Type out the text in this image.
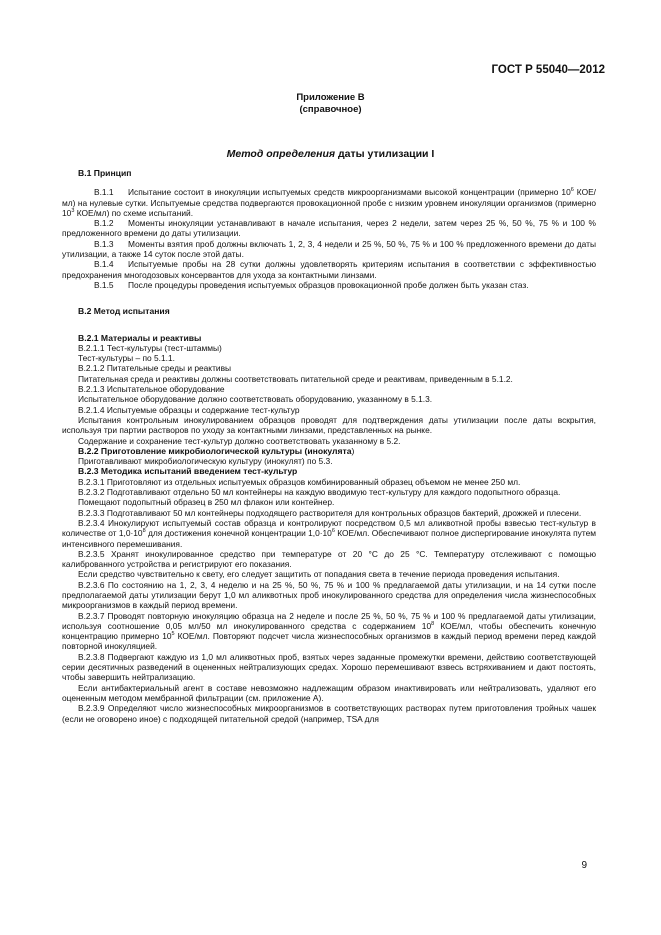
ГОСТ Р 55040—2012
Приложение В
(справочное)
Метод определения даты утилизации I
В.1 Принцип

В.1.1 Испытание состоит в инокуляции испытуемых средств микроорганизмами высокой концентрации (примерно $10^6$ КОЕ/мл) на нулевые сутки. Испытуемые средства подвергаются провокационной пробе с низким уровнем инокуляции организмов (примерно $10^3$ КОЕ/мл) по схеме испытаний.

В.1.2 Моменты инокуляции устанавливают в начале испытания, через 2 недели, затем через 25 %, 50 %, 75 % и 100 % предложенного времени до даты утилизации.

В.1.3 Моменты взятия проб должны включать 1, 2, 3, 4 недели и 25 %, 50 %, 75 % и 100 % предложенного времени до даты утилизации, а также 14 суток после этой даты.

В.1.4 Испытуемые пробы на 28 сутки должны удовлетворять критериям испытания в соответствии с эффективностью предохранения многодозовых консервантов для ухода за контактными линзами.

В.1.5 После процедуры проведения испытуемых образцов провокационной пробе должен быть указан стаз.

В.2 Метод испытания
В.2.1 Материалы и реактивы

В.2.1.1 Тест-культуры (тест-штаммы)

Тест-культуры – по 5.1.1.

В.2.1.2 Питательные среды и реактивы

Питательная среда и реактивы должны соответствовать питательной среде и реактивам, приведенным в 5.1.2.

В.2.1.3 Испытательное оборудование

Испытательное оборудование должно соответствовать оборудованию, указанному в 5.1.3.

В.2.1.4 Испытуемые образцы и содержание тест-культур

Испытания контрольным инокулированием образцов проводят для подтверждения даты утилизации после даты вскрытия, используя три партии растворов по уходу за контактными линзами, представленных на рынке.

Содержание и сохранение тест-культур должно соответствовать указанному в 5.2.

В.2.2 Приготовление микробиологической культуры (инокулята)

Приготавливают микробиологическую культуру (инокулят) по 5.3.

В.2.3 Методика испытаний введением тест-культур

В.2.3.1 Приготовляют из отдельных испытуемых образцов комбинированный образец объемом не менее 250 мл.

В.2.3.2 Подготавливают отдельно 50 мл контейнеры на каждую вводимую тест-культуру для каждого подопытного образца.

Помещают подопытный образец в 250 мл флакон или контейнер.

В.2.3.3 Подготавливают 50 мл контейнеры подходящего растворителя для контрольных образцов бактерий, дрожжей и плесени.

В.2.3.4 Инокулируют испытуемый состав образца и контролируют посредством 0,5 мл аликвотной пробы взвесью тест-культур в количестве от $1,0\cdot 10^8$ для достижения конечной концентрации $1,0\cdot 10^6$ КОЕ/мл. Обеспечивают полное диспергирование инокулята путем интенсивного перемешивания.

В.2.3.5 Хранят инокулированное средство при температуре от 20 °С до 25 °С. Температуру отслеживают с помощью калиброванного устройства и регистрируют его показания.

Если средство чувствительно к свету, его следует защитить от попадания света в течение периода проведения испытания.

В.2.3.6 По состоянию на 1, 2, 3, 4 неделю и на 25 %, 50 %, 75 % и 100 % предлагаемой даты утилизации, и на 14 сутки после предполагаемой даты утилизации берут 1,0 мл аликвотных проб инокулированного средства для определения числа жизнеспособных микроорганизмов в каждый период времени.

В.2.3.7 Проводят повторную инокуляцию образца на 2 неделе и после 25 %, 50 %, 75 % и 100 % предлагаемой даты утилизации, используя соотношение 0,05 мл/50 мл инокулированного средства с содержанием $10^8$ КОЕ/мл, чтобы обеспечить конечную концентрацию примерно $10^5$ КОЕ/мл. Повторяют подсчет числа жизнеспособных организмов в каждый период времени перед каждой повторной инокуляцией.

В.2.3.8 Подвергают каждую из 1,0 мл аликвотных проб, взятых через заданные промежутки времени, действию соответствующей серии десятичных разведений в оцененных нейтрализующих средах. Хорошо перемешивают взвесь встряхиванием и дают постоять, чтобы завершить нейтрализацию.

Если антибактериальный агент в составе невозможно надлежащим образом инактивировать или нейтрализовать, удаляют его оцененным методом мембранной фильтрации (см. приложение А).

В.2.3.9 Определяют число жизнеспособных микроорганизмов в соответствующих растворах путем приготовления тройных чашек (если не оговорено иное) с подходящей питательной средой (например, TSA для

9
